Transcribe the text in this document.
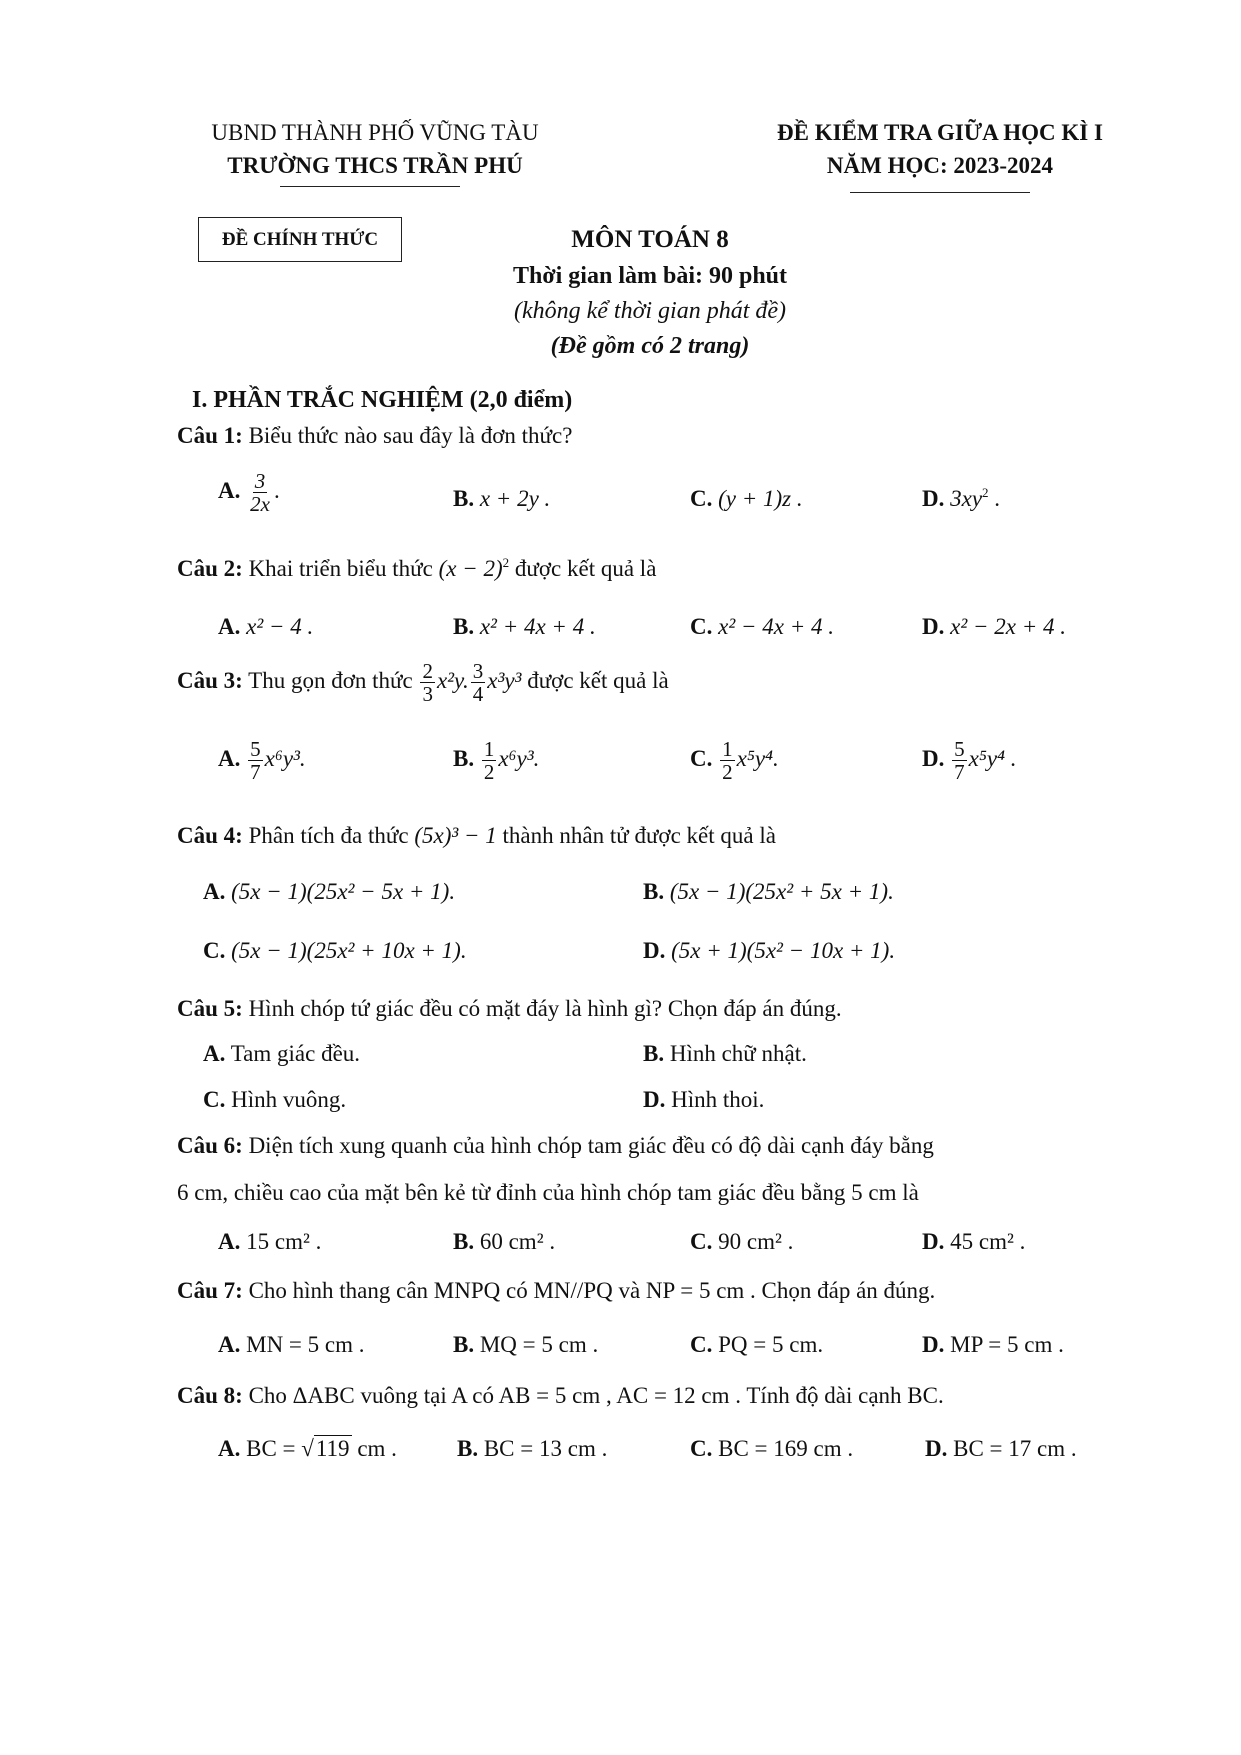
UBND THÀNH PHỐ VŨNG TÀU
TRƯỜNG THCS TRẦN PHÚ
ĐỀ KIỂM TRA GIỮA HỌC KÌ I
NĂM HỌC: 2023-2024
ĐỀ CHÍNH THỨC	MÔN TOÁN 8
Thời gian làm bài: 90 phút
(không kể thời gian phát đề)
(Đề gồm có 2 trang)
I. PHẦN TRẮC NGHIỆM (2,0 điểm)
Câu 1: Biểu thức nào sau đây là đơn thức?
A. $\frac{3}{2x}$ .	B. x + 2y .	C. (y + 1)z .	D. $3xy^2$ .
Câu 2: Khai triển biểu thức $(x - 2)^2$ được kết quả là
A. x² − 4 .	B. x² + 4x + 4 .	C. x² − 4x + 4 .	D. x² − 2x + 4 .
Câu 3: Thu gọn đơn thức $\frac{2}{3} x^2y$. $\frac{3}{4} x^3y^3$ được kết quả là
A. $\frac{5}{7} x^6y^3$.	B. $\frac{1}{2} x^6y^3$.	C. $\frac{1}{2} x^5y^4$.	D. $\frac{5}{7} x^5y^4$ .
Câu 4: Phân tích đa thức (5x)³ − 1 thành nhân tử được kết quả là
A. (5x − 1)(25x² − 5x + 1).	B. (5x − 1)(25x² + 5x + 1).
C. (5x − 1)(25x² + 10x + 1).	D. (5x + 1)(5x² − 10x + 1).
Câu 5: Hình chóp tứ giác đều có mặt đáy là hình gì? Chọn đáp án đúng.
A. Tam giác đều.	B. Hình chữ nhật.
C. Hình vuông.	D. Hình thoi.
Câu 6: Diện tích xung quanh của hình chóp tam giác đều có độ dài cạnh đáy bằng
6 cm, chiều cao của mặt bên kẻ từ đỉnh của hình chóp tam giác đều bằng 5 cm là
A. 15 cm² .	B. 60 cm² .	C. 90 cm² .	D. 45 cm² .
Câu 7: Cho hình thang cân MNPQ có MN//PQ và NP = 5 cm . Chọn đáp án đúng.
A. MN = 5 cm .	B. MQ = 5 cm .	C. PQ = 5 cm.	D. MP = 5 cm .
Câu 8: Cho ΔABC vuông tại A có AB = 5 cm , AC = 12 cm . Tính độ dài cạnh BC.
A. BC = √119 cm .	B. BC = 13 cm .	C. BC = 169 cm .	D. BC = 17 cm .
